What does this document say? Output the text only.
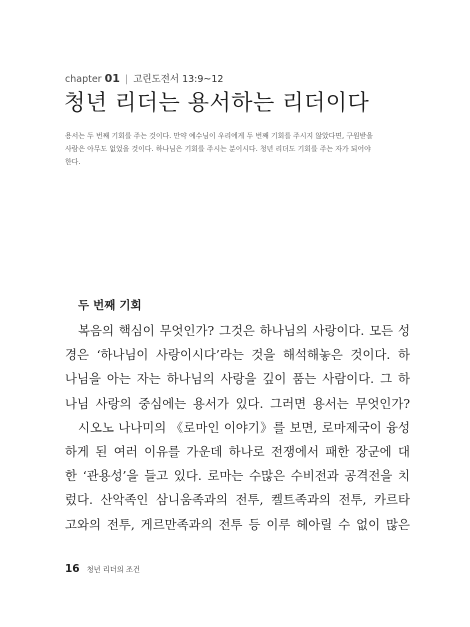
chapter 01 | 고린도전서 13:9~12
청년 리더는 용서하는 리더이다

용서는 두 번째 기회를 주는 것이다. 만약 예수님이 우리에게 두 번째 기회를 주시지 않았다면, 구원받을

사람은 아무도 없었을 것이다. 하나님은 기회를 주시는 분이시다. 청년 리더도 기회를 주는 자가 되어야

한다.

두 번째 기회
복음의 핵심이 무엇인가? 그것은 하나님의 사랑이다. 모든 성
경은 ‘하나님이 사랑이시다’라는 것을 해석해놓은 것이다. 하
나님을 아는 자는 하나님의 사랑을 깊이 품는 사람이다. 그 하
나님 사랑의 중심에는 용서가 있다. 그러면 용서는 무엇인가?
시오노 나나미의 《로마인 이야기》를 보면, 로마제국이 융성
하게 된 여러 이유를 가운데 하나로 전쟁에서 패한 장군에 대
한 ‘관용성’을 들고 있다. 로마는 수많은 수비전과 공격전을 치
렀다. 산악족인 삼니움족과의 전투, 켈트족과의 전투, 카르타
고와의 전투, 게르만족과의 전투 등 이루 헤아릴 수 없이 많은
16 청년 리더의 조건
